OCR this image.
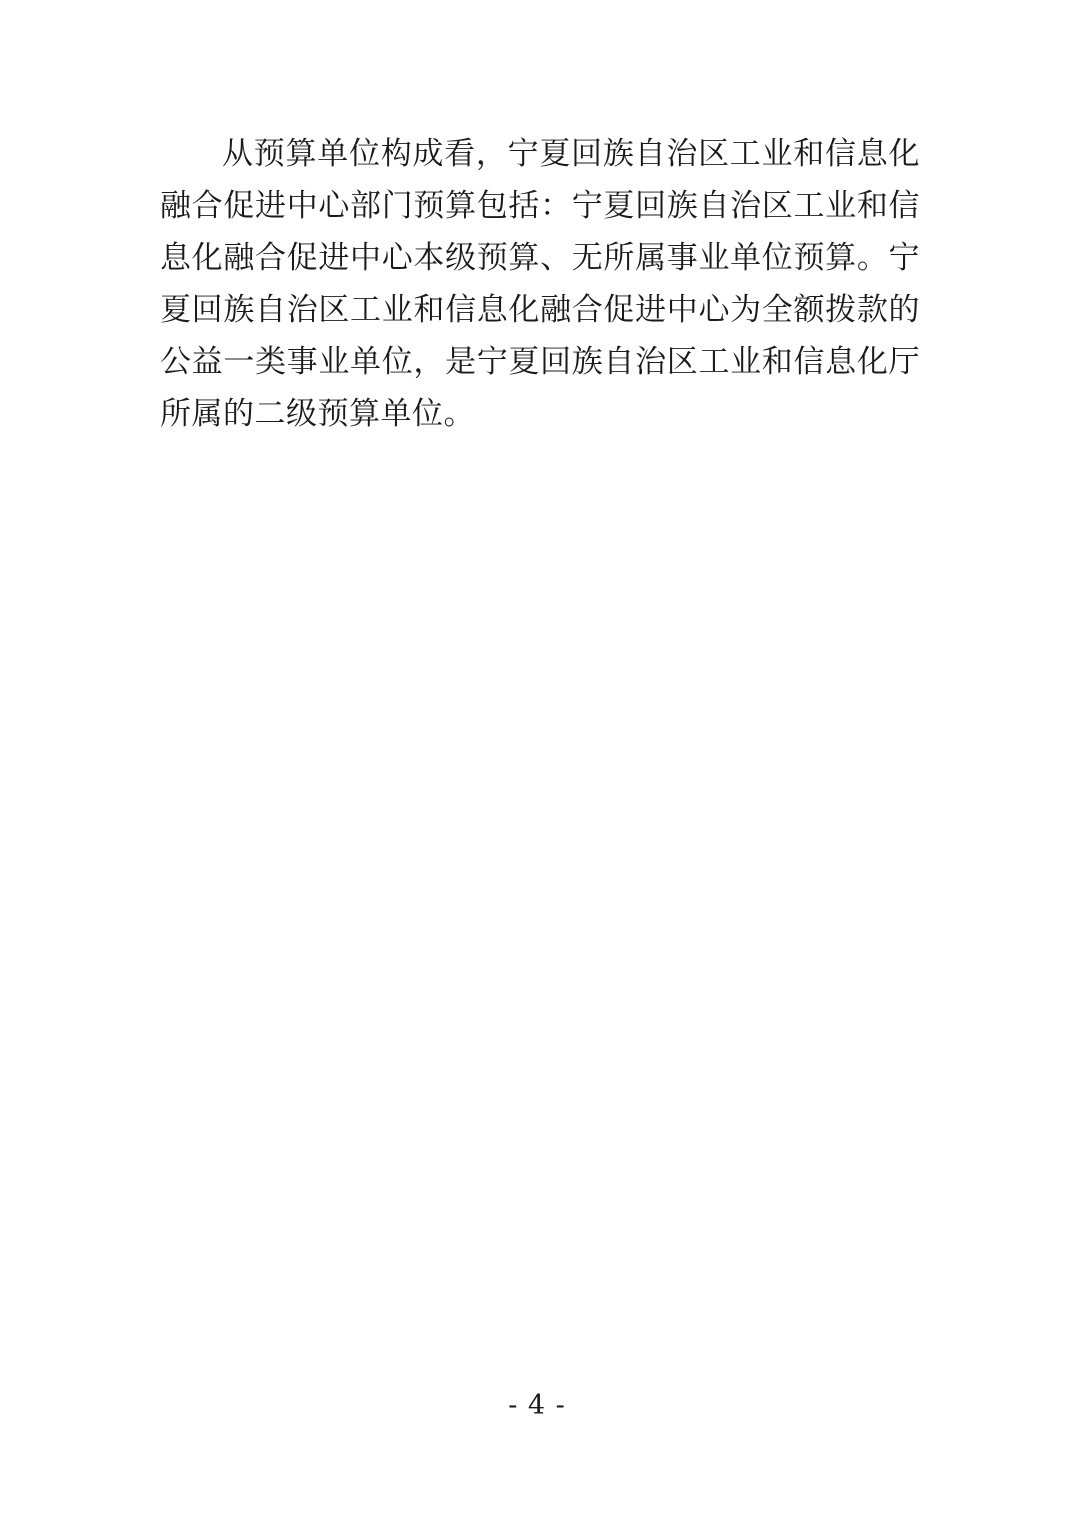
从预算单位构成看，宁夏回族自治区工业和信息化融合促进中心部门预算包括：宁夏回族自治区工业和信息化融合促进中心本级预算、无所属事业单位预算。宁夏回族自治区工业和信息化融合促进中心为全额拨款的公益一类事业单位，是宁夏回族自治区工业和信息化厅所属的二级预算单位。

- 4 -
